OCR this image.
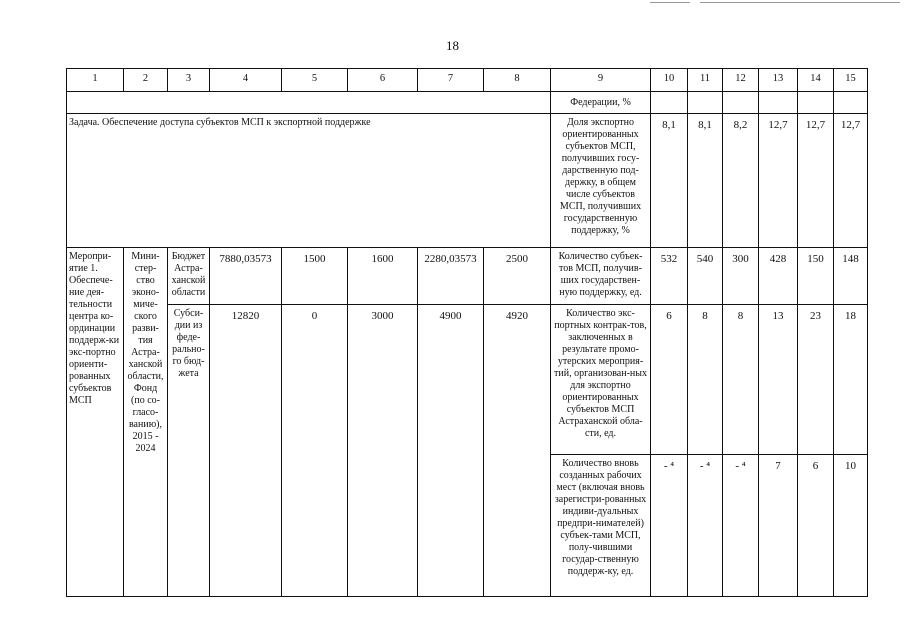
18
1	2	3	4	5	6	7	8	9	10	11	12	13	14	15
								Федерации, %						
Задача. Обеспечение доступа субъектов МСП к экспортной поддержке								Доля экспортно ориентированных субъектов МСП, получивших госу-дарственную под-держку, в общем числе субъектов МСП, получивших государственную поддержку, %	8,1	8,1	8,2	12,7	12,7	12,7
Меропри-ятие 1. Обеспече-ние дея-тельности центра ко-ординации поддерж-ки экс-портно ориенти-рованных субъектов МСП	Мини-стер-ство эконо-миче-ского разви-тия Астра-ханской области, Фонд (по со-гласо-ванию), 2015 - 2024	Бюджет Астра-ханской области	7880,03573	1500	1600	2280,03573	2500	Количество субъек-тов МСП, получив-ших государствен-ную поддержку, ед.	532	540	300	428	150	148
		Субси-дии из феде-рально-го бюд-жета	12820	0	3000	4900	4920	Количество экс-портных контрак-тов, заключенных в результате промо-утерских мероприя-тий, организован-ных для экспортно ориентированных субъектов МСП Астраханской обла-сти, ед.	6	8	8	13	23	18
								Количество вновь созданных рабочих мест (включая вновь зарегистри-рованных индиви-дуальных предпри-нимателей) субъек-тами МСП, полу-чившими государ-ственную поддерж-ку, ед.	- ⁴	- ⁴	- ⁴	7	6	10
